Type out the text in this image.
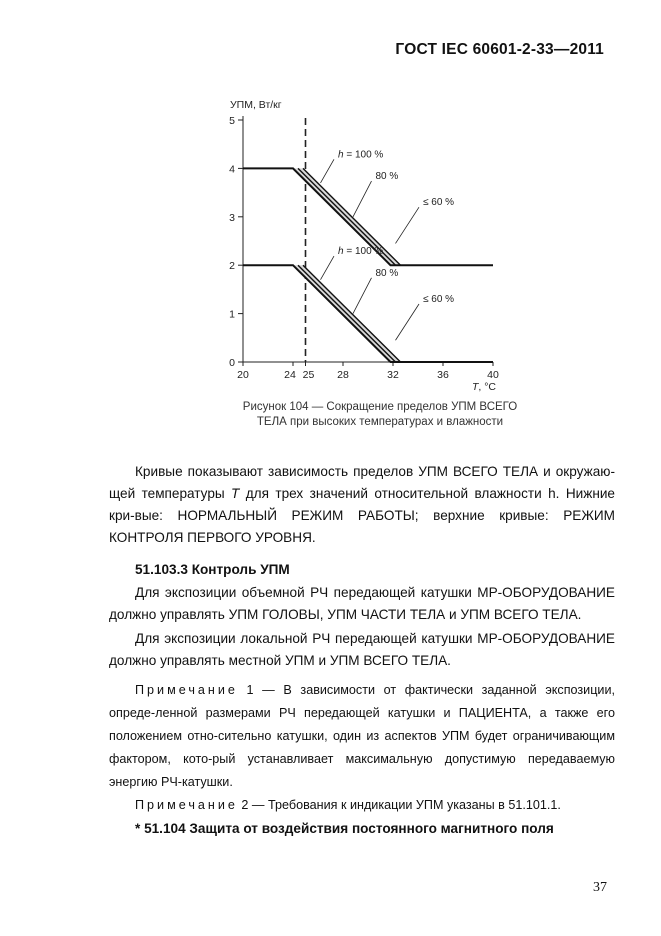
ГОСТ IEC 60601-2-33—2011
УПМ, Вт/кг
0
1
2
3
4
5
20	24 25 28	32	36	40
T, °C
h = 100 %
80 %
≤ 60 %
h = 100 %
80 %
≤ 60 %
Рисунок 104 — Сокращение пределов УПМ ВСЕГО
ТЕЛА при высоких температурах и влажности
Кривые показывают зависимость пределов УПМ ВСЕГО ТЕЛА и окружаю-щей температуры Т для трех значений относительной влажности h. Нижние кри-вые: НОРМАЛЬНЫЙ РЕЖИМ РАБОТЫ; верхние кривые: РЕЖИМ КОНТРОЛЯ ПЕРВОГО УРОВНЯ.
51.103.3 Контроль УПМ
Для экспозиции объемной РЧ передающей катушки МР-ОБОРУДОВАНИЕ должно управлять УПМ ГОЛОВЫ, УПМ ЧАСТИ ТЕЛА и УПМ ВСЕГО ТЕЛА.
Для экспозиции локальной РЧ передающей катушки МР-ОБОРУДОВАНИЕ должно управлять местной УПМ и УПМ ВСЕГО ТЕЛА.
Примечание 1 — В зависимости от фактически заданной экспозиции, опреде-ленной размерами РЧ передающей катушки и ПАЦИЕНТА, а также его положением отно-сительно катушки, один из аспектов УПМ будет ограничивающим фактором, кото-рый устанавливает максимальную допустимую передаваемую энергию РЧ-катушки.
Примечание 2 — Требования к индикации УПМ указаны в 51.101.1.
* 51.104 Защита от воздействия постоянного магнитного поля
37
